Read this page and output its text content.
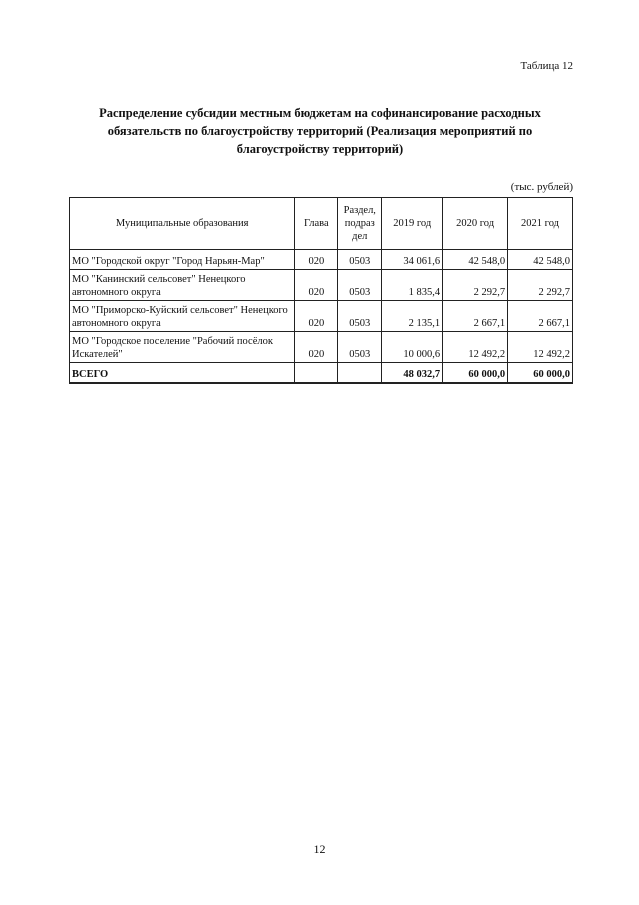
Таблица 12
Распределение субсидии местным бюджетам на софинансирование расходных
обязательств по благоустройству территорий (Реализация мероприятий по
благоустройству территорий)
(тыс. рублей)
Муниципальные образования	Глава	Раздел,
подраз
дел	2019 год	2020 год	2021 год
МО "Городской округ "Город Нарьян-Мар"	020	0503	34 061,6	42 548,0	42 548,0
МО "Канинский сельсовет" Ненецкого автономного округа	020	0503	1 835,4	2 292,7	2 292,7
МО "Приморско-Куйский сельсовет" Ненецкого автономного округа	020	0503	2 135,1	2 667,1	2 667,1
МО "Городское поселение "Рабочий посёлок Искателей"	020	0503	10 000,6	12 492,2	12 492,2
ВСЕГО			48 032,7	60 000,0	60 000,0
12
